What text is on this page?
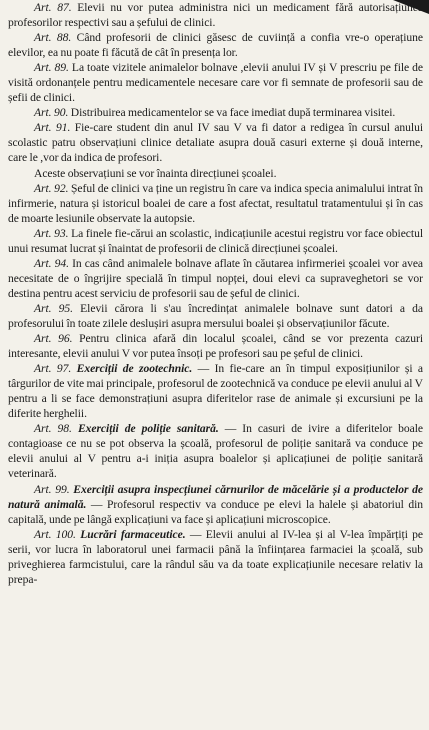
Art. 87. Elevii nu vor putea administra nici un medicament fără autorisațiunea profesorilor respectivi sau a șefului de clinici.

Art. 88. Când profesorii de clinici găsesc de cuviință a confia vre-o operațiune elevilor, ea nu poate fi făcută de cât în presența lor.

Art. 89. La toate vizitele animalelor bolnave ,elevii anului IV și V prescriu pe file de visită ordonanțele pentru medicamentele necesare care vor fi semnate de profesorii sau de șefii de clinici.

Art. 90. Distribuirea medicamentelor se va face imediat după terminarea visitei.

Art. 91. Fie-care student din anul IV sau V va fi dator a redigea în cursul anului scolastic patru observațiuni clinice detaliate asupra două casuri externe și două interne, care le ,vor da indica de profesori.

Aceste observațiuni se vor înainta direcțiunei școalei.

Art. 92. Șeful de clinici va ține un registru în care va indica specia animalului intrat în infirmerie, natura și istoricul boalei de care a fost afectat, resultatul tratamentului și în cas de moarte lesiunile observate la autopsie.

Art. 93. La finele fie-cărui an scolastic, indicațiunile acestui registru vor face obiectul unui resumat lucrat și înaintat de profesorii de clinică direcțiunei școalei.

Art. 94. In cas când animalele bolnave aflate în căutarea infirmeriei școalei vor avea necesitate de o îngrijire specială în timpul nopței, doui elevi ca supraveghetori se vor destina pentru acest serviciu de profesorii sau de șeful de clinici.

Art. 95. Elevii cărora li s'au încredințat animalele bolnave sunt datori a da profesorului în toate zilele deslușiri asupra mersului boalei și observațiunilor făcute.

Art. 96. Pentru clinica afară din localul școalei, când se vor prezenta cazuri interesante, elevii anului V vor putea însoți pe profesori sau pe șeful de clinici.

Art. 97. Exerciții de zootechnic. — In fie-care an în timpul exposițiunilor și a târgurilor de vite mai principale, profesorul de zootechnică va conduce pe elevii anului al V pentru a li se face demonstrațiuni asupra diferitelor rase de animale și excursiuni pe la diferite herghelii.

Art. 98. Exerciții de poliție sanitară. — In casuri de ivire a diferitelor boale contagioase ce nu se pot observa la școală, profesorul de poliție sanitară va conduce pe elevii anului al V pentru a-i iniția asupra boalelor și aplicațiunei de poliție sanitară veterinară.

Art. 99. Exerciții asupra inspecțiunei cărnurilor de măcelărie și a productelor de natură animală. — Profesorul respectiv va conduce pe elevi la halele și abatoriul din capitală, unde pe lângă explicațiuni va face și aplicațiuni microscopice.

Art. 100. Lucrări farmaceutice. — Elevii anului al IV-lea și al V-lea împărțiți pe serii, vor lucra în laboratorul unei farmacii până la înființarea farmaciei la școală, sub priveghierea farmcistului, care la rândul său va da toate explicațiunile necesare relativ la prepa-
